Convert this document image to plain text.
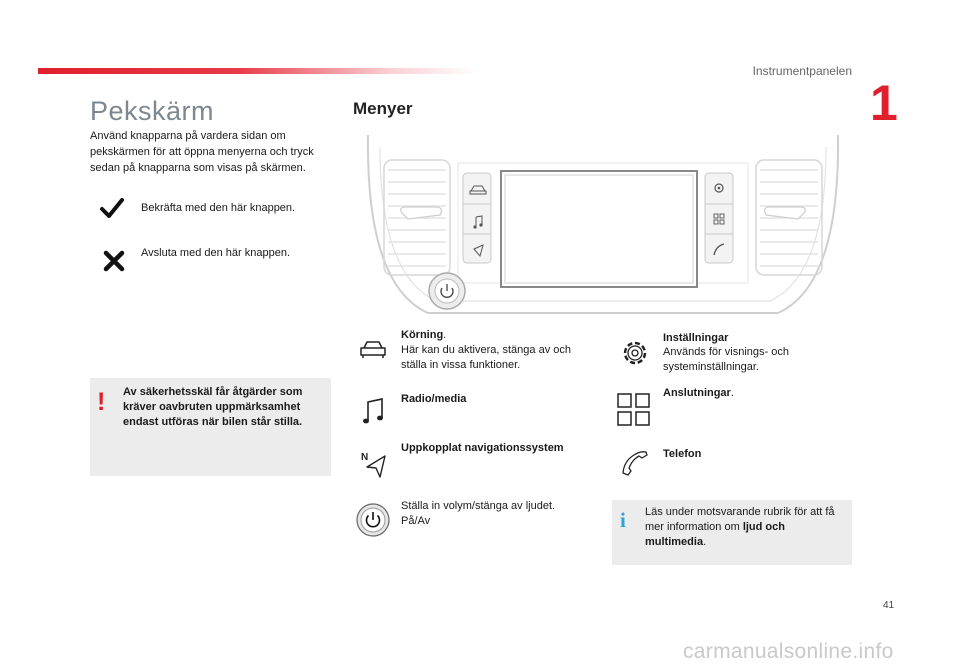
Instrumentpanelen
1
Pekskärm
Använd knapparna på vardera sidan om pekskärmen för att öppna menyerna och tryck sedan på knapparna som visas på skärmen.
Bekräfta med den här knappen.
Avsluta med den här knappen.
! Av säkerhetsskäl får åtgärder som kräver oavbruten uppmärksamhet endast utföras när bilen står stilla.
Menyer
Körning.
Här kan du aktivera, stänga av och ställa in vissa funktioner.
Inställningar
Används för visnings- och systeminställningar.
Radio/media	Anslutningar.
N
Uppkopplat navigationssystem	Telefon
Ställa in volym/stänga av ljudet. På/Av	i Läs under motsvarande rubrik för att få mer information om ljud och multimedia.
41
carmanualsonline.info
